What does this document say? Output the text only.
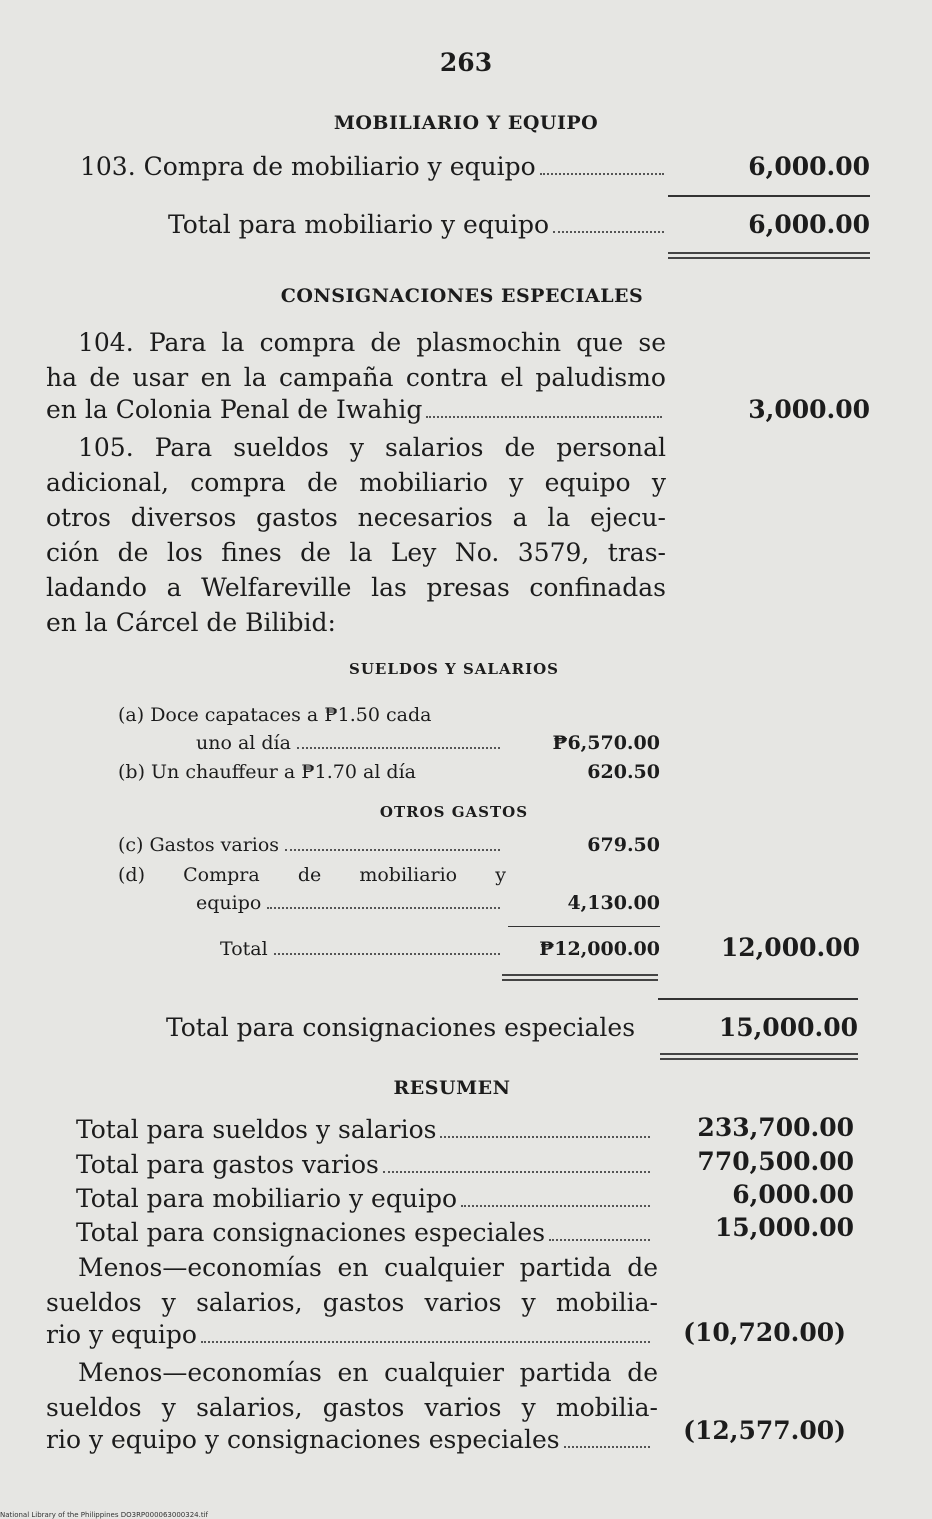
263
MOBILIARIO Y EQUIPO
103. Compra de mobiliario y equipo	6,000.00
Total para mobiliario y equipo	6,000.00
CONSIGNACIONES ESPECIALES
104. Para la compra de plasmochin que se
ha de usar en la campaña contra el paludismo
en la Colonia Penal de Iwahig	3,000.00
105. Para sueldos y salarios de personal
adicional, compra de mobiliario y equipo y
otros diversos gastos necesarios a la ejecu-
ción de los fines de la Ley No. 3579, tras-
ladando a Welfareville las presas confinadas
en la Cárcel de Bilibid:
SUELDOS Y SALARIOS
(a) Doce capataces a ₱1.50 cada
uno al día	₱6,570.00
(b) Un chauffeur a ₱1.70 al día	620.50
OTROS GASTOS
(c) Gastos varios	679.50
(d) Compra de mobiliario y
equipo	4,130.00
Total	₱12,000.00 12,000.00
Total para consignaciones especiales	15,000.00
RESUMEN
Total para sueldos y salarios	233,700.00
Total para gastos varios	770,500.00
Total para mobiliario y equipo	6,000.00
Total para consignaciones especiales	15,000.00
Menos—economías en cualquier partida de
sueldos y salarios, gastos varios y mobilia-
rio y equipo	(10,720.00)
Menos—economías en cualquier partida de
sueldos y salarios, gastos varios y mobilia-
rio y equipo y consignaciones especiales	(12,577.00)
National Library of the Philippines DO3RP000063000324.tif
